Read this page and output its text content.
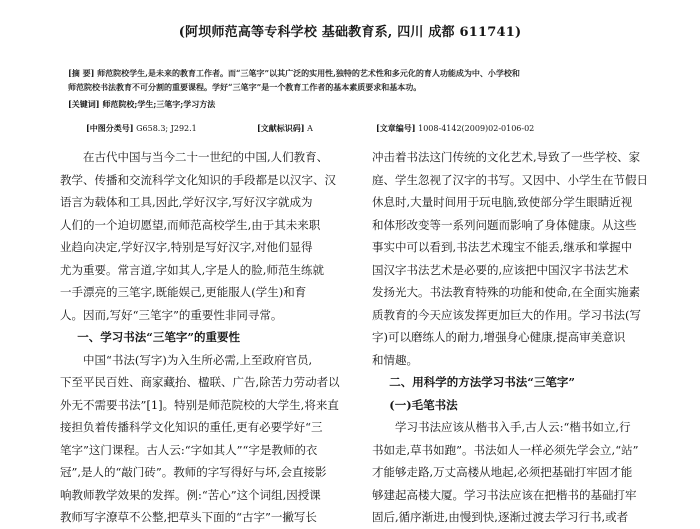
(阿坝师范高等专科学校 基础教育系, 四川 成都 611741)
[摘 要] 师范院校学生,是未来的教育工作者。而“三笔字”以其广泛的实用性,独特的艺术性和多元化的育人功能成为中、小学校和
师范院校书法教育不可分割的重要课程。学好“三笔字”是一个教育工作者的基本素质要求和基本功。
[关键词] 师范院校;学生;三笔字;学习方法
[中图分类号] G658.3; J292.1	[文献标识码] A	[文章编号] 1008-4142(2009)02-0106-02
在古代中国与当今二十一世纪的中国,人们教育、
教学、传播和交流科学文化知识的手段都是以汉字、汉
语言为载体和工具,因此,学好汉字,写好汉字就成为
人们的一个迫切愿望,而师范高校学生,由于其未来职
业趋向决定,学好汉字,特别是写好汉字,对他们显得
尤为重要。常言道,字如其人,字是人的脸,师范生练就
一手漂亮的三笔字,既能娱己,更能服人(学生)和育
人。因而,写好“三笔字”的重要性非同寻常。
一、学习书法“三笔字”的重要性
中国“书法(写字)为入生所必需,上至政府官员,
下至平民百姓、商家藏抬、楹联、广告,除苦力劳动者以
外无不需要书法”[1]。特别是师范院校的大学生,将来直
接担负着传播科学文化知识的重任,更有必要学好“三
笔字”这门课程。古人云:“字如其人”“字是教师的衣
冠”,是人的“敲门砖”。教师的字写得好与坏,会直接影
响教师教学效果的发挥。例:“苦心”这个词组,因授课
教师写字潦草不公整,把草头下面的“古字”一撇写长
冲击着书法这门传统的文化艺术,导致了一些学校、家
庭、学生忽视了汉字的书写。又因中、小学生在节假日
休息时,大量时间用于玩电脑,致使部分学生眼睛近视
和体形改变等一系列问题而影响了身体健康。从这些
事实中可以看到,书法艺术瑰宝不能丢,继承和掌握中
国汉字书法艺术是必要的,应该把中国汉字书法艺术
发扬光大。书法教育特殊的功能和使命,在全面实施素
质教育的今天应该发挥更加巨大的作用。学习书法(写
字)可以磨练人的耐力,增强身心健康,提高审美意识
和情趣。
二、用科学的方法学习书法“三笔字”
(一)毛笔书法
学习书法应该从楷书入手,古人云:“楷书如立,行
书如走,草书如跑”。书法如人一样必须先学会立,“站”
才能够走路,万丈高楼从地起,必须把基础打牢固才能
够建起高楼大厦。学习书法应该在把楷书的基础打牢
固后,循序渐进,由慢到快,逐渐过渡去学习行书,或者
